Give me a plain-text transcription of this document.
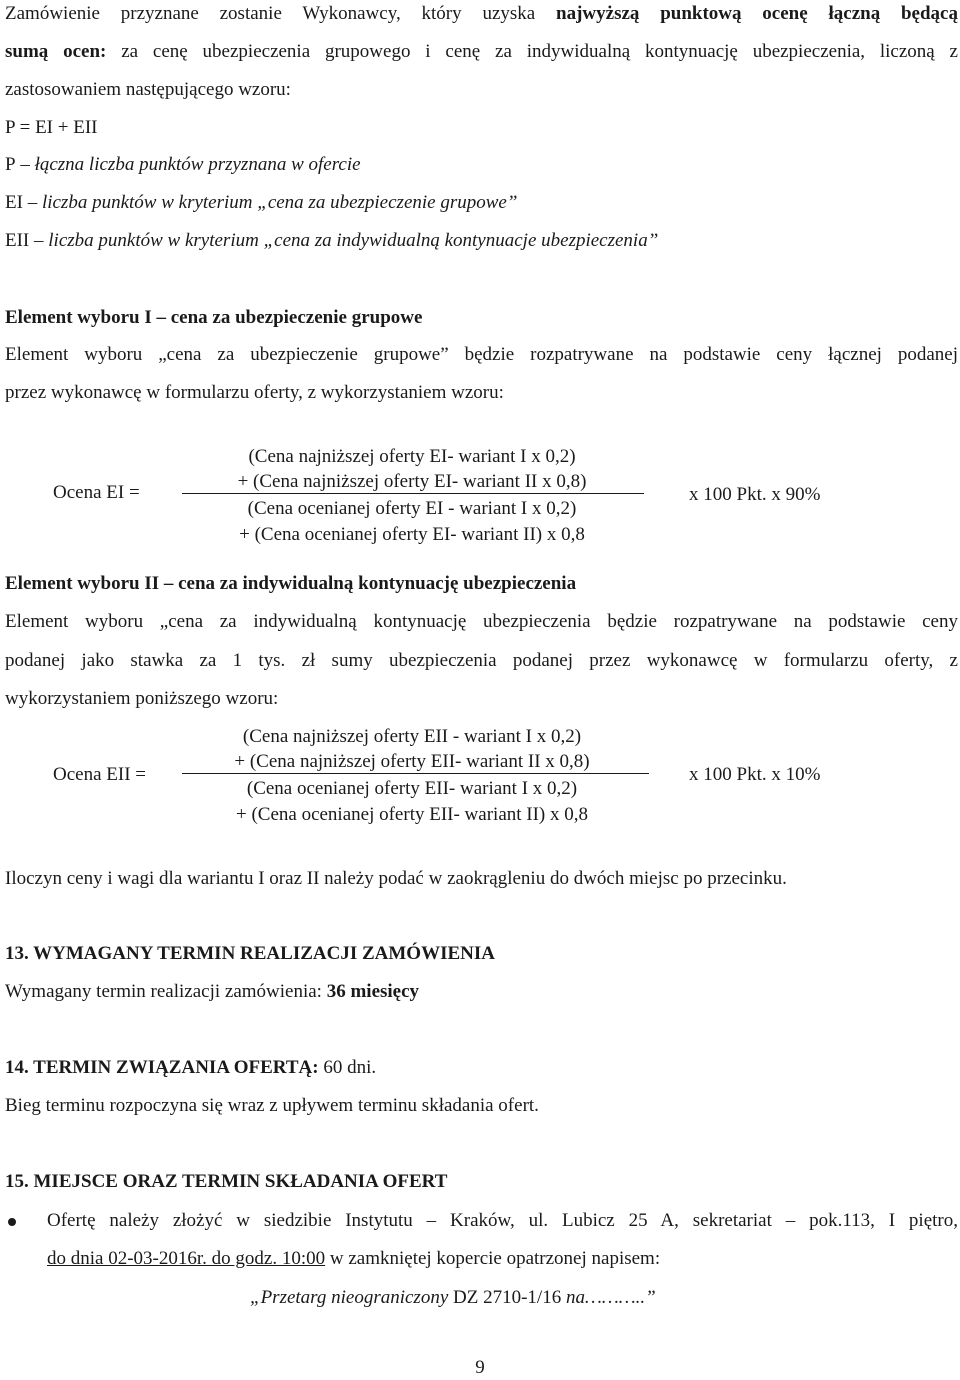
Zamówienie przyznane zostanie Wykonawcy, który uzyska najwyższą punktową ocenę łączną będącą
sumą ocen: za cenę ubezpieczenia grupowego i cenę za indywidualną kontynuację ubezpieczenia, liczoną z
zastosowaniem następującego wzoru:
P = EI + EII
P – łączna liczba punktów przyznana w ofercie
EI – liczba punktów w kryterium „cena za ubezpieczenie grupowe”
EII – liczba punktów w kryterium „cena za indywidualną kontynuacje ubezpieczenia”
Element wyboru I – cena za ubezpieczenie grupowe
Element wyboru „cena za ubezpieczenie grupowe” będzie rozpatrywane na podstawie ceny łącznej podanej
przez wykonawcę w formularzu oferty, z wykorzystaniem wzoru:
Ocena EI =
(Cena najniższej oferty EI- wariant I x 0,2)
+ (Cena najniższej oferty EI- wariant II x 0,8)
(Cena ocenianej oferty EI - wariant I x 0,2)
+ (Cena ocenianej oferty EI- wariant II) x 0,8
x 100 Pkt. x 90%
Element wyboru II – cena za indywidualną kontynuację ubezpieczenia
Element wyboru „cena za indywidualną kontynuację ubezpieczenia będzie rozpatrywane na podstawie ceny
podanej jako stawka za 1 tys. zł sumy ubezpieczenia podanej przez wykonawcę w formularzu oferty, z
wykorzystaniem poniższego wzoru:
Ocena EII =
(Cena najniższej oferty EII - wariant I x 0,2)
+ (Cena najniższej oferty EII- wariant II x 0,8)
(Cena ocenianej oferty EII- wariant I x 0,2)
+ (Cena ocenianej oferty EII- wariant II) x 0,8
x 100 Pkt. x 10%
Iloczyn ceny i wagi dla wariantu I oraz II należy podać w zaokrągleniu do dwóch miejsc po przecinku.
13. WYMAGANY TERMIN REALIZACJI ZAMÓWIENIA
Wymagany termin realizacji zamówienia: 36 miesięcy
14. TERMIN ZWIĄZANIA OFERTĄ: 60 dni.
Bieg terminu rozpoczyna się wraz z upływem terminu składania ofert.
15. MIEJSCE ORAZ TERMIN SKŁADANIA OFERT
Ofertę należy złożyć w siedzibie Instytutu – Kraków, ul. Lubicz 25 A, sekretariat – pok.113, I piętro,
do dnia 02-03-2016r. do godz. 10:00 w zamkniętej kopercie opatrzonej napisem:
„Przetarg nieograniczony DZ 2710-1/16 na………..”
9
